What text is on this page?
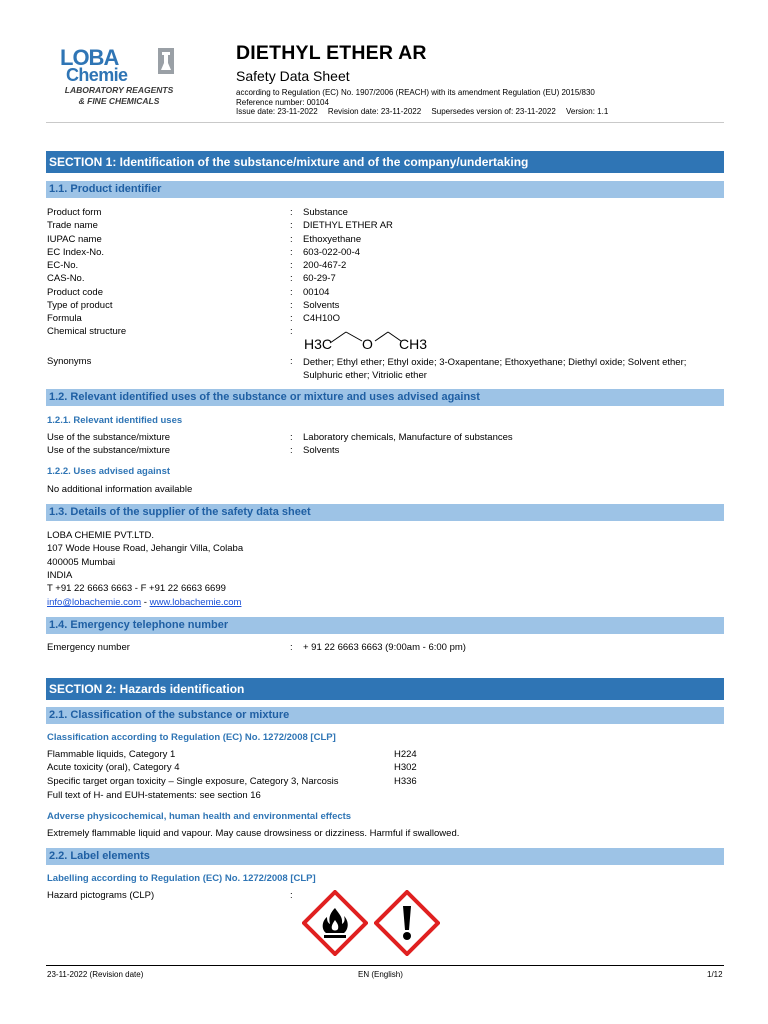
LOBA
Chemie
LABORATORY REAGENTS
& FINE CHEMICALS
DIETHYL ETHER AR
Safety Data Sheet
according to Regulation (EC) No. 1907/2006 (REACH) with its amendment Regulation (EU) 2015/830
Reference number: 00104
Issue date: 23-11-2022 Revision date: 23-11-2022 Supersedes version of: 23-11-2022 Version: 1.1
SECTION 1: Identification of the substance/mixture and of the company/undertaking
1.1. Product identifier
Product form	: Substance
Trade name	: DIETHYL ETHER AR
IUPAC name	: Ethoxyethane
EC Index-No.	: 603-022-00-4
EC-No.	: 200-467-2
CAS-No.	: 60-29-7
Product code	: 00104
Type of product	: Solvents
Formula	: C4H10O
Chemical structure	:
H3C O CH3
Synonyms	: Dether; Ethyl ether; Ethyl oxide; 3-Oxapentane; Ethoxyethane; Diethyl oxide; Solvent ether; Sulphuric ether; Vitriolic ether
1.2. Relevant identified uses of the substance or mixture and uses advised against
1.2.1. Relevant identified uses
Use of the substance/mixture	: Laboratory chemicals, Manufacture of substances
Use of the substance/mixture	: Solvents
1.2.2. Uses advised against
No additional information available
1.3. Details of the supplier of the safety data sheet
LOBA CHEMIE PVT.LTD.
107 Wode House Road, Jehangir Villa, Colaba
400005 Mumbai
INDIA
T +91 22 6663 6663 - F +91 22 6663 6699
info@lobachemie.com - www.lobachemie.com
1.4. Emergency telephone number
Emergency number	: + 91 22 6663 6663 (9:00am - 6:00 pm)
SECTION 2: Hazards identification
2.1. Classification of the substance or mixture
Classification according to Regulation (EC) No. 1272/2008 [CLP]
Flammable liquids, Category 1	H224
Acute toxicity (oral), Category 4	H302
Specific target organ toxicity – Single exposure, Category 3, Narcosis	H336
Full text of H- and EUH-statements: see section 16
Adverse physicochemical, human health and environmental effects
Extremely flammable liquid and vapour. May cause drowsiness or dizziness. Harmful if swallowed.
2.2. Label elements
Labelling according to Regulation (EC) No. 1272/2008 [CLP]
Hazard pictograms (CLP)	:
23-11-2022 (Revision date)	EN (English)	1/12
